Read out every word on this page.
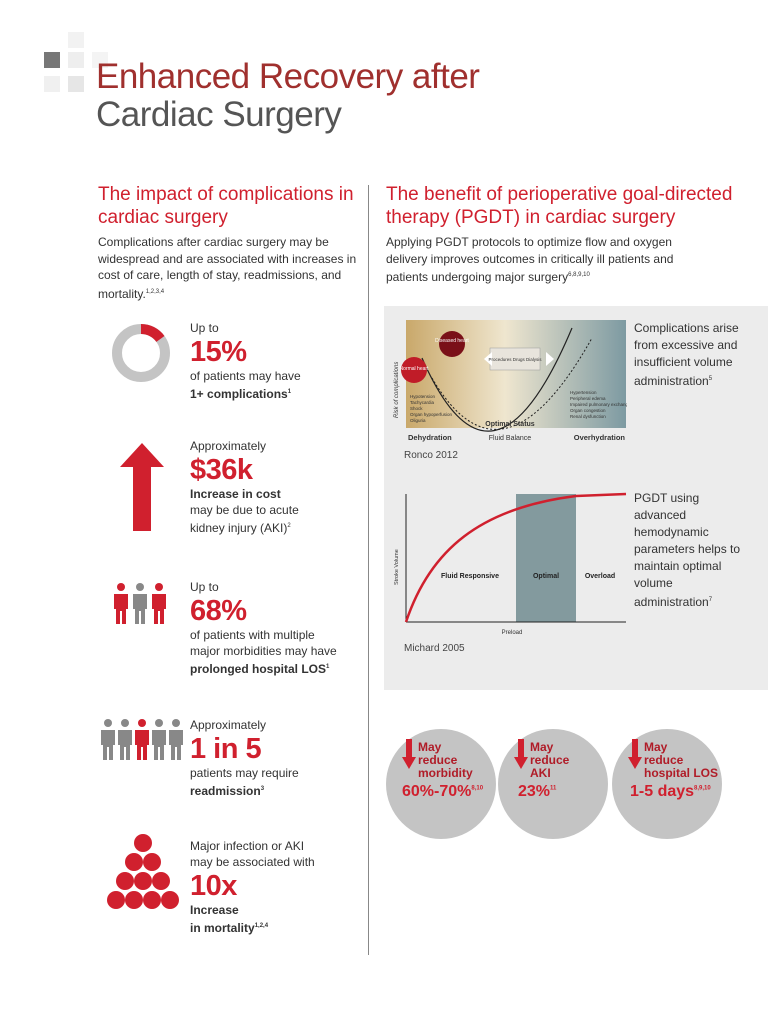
Enhanced Recovery after
Cardiac Surgery
The impact of complications in cardiac surgery

Complications after cardiac surgery may be widespread and are associated with increases in cost of care, length of stay, readmissions, and mortality.$^{1,2,3,4}$

Up to
15%
of patients may have
1+ complications$^1$
Approximately
$36k
Increase in cost
may be due to acute
kidney injury (AKI)$^2$
Up to
68%
of patients with multiple
major morbidities may have
prolonged hospital LOS$^1$
Approximately
1 in 5
patients may require
readmission$^3$
Major infection or AKI
may be associated with
10x
Increase
in mortality$^{1,2,4}$
The benefit of perioperative goal-directed therapy (PGDT) in cardiac surgery

Applying PGDT protocols to optimize flow and oxygen delivery improves outcomes in critically ill patients and patients undergoing major surgery$^{6,8,9,10}$

Risk of complications
Diseased heart
Normal heart
Procedures Drugs Dialysis
Hypotension
Tachycardia
Shock
Organ hypoperfusion
Oliguria
Hypertension
Peripheral edema
Impaired pulmonary exchanges
Organ congestion
Renal dysfunction
Optimal Status
Dehydration	Fluid Balance	Overhydration
Ronco 2012
Complications arise from excessive and insufficient volume administration$^5$
Stroke Volume	Fluid Responsive	Optimal	Overload
Preload
Michard 2005
PGDT using advanced hemodynamic parameters helps to maintain optimal volume administration$^7$
May
reduce
morbidity
60%-70%$^{8,10}$
May
reduce
AKI
23%$^{11}$
May
reduce
hospital LOS
1-5 days$^{8,9,10}$
